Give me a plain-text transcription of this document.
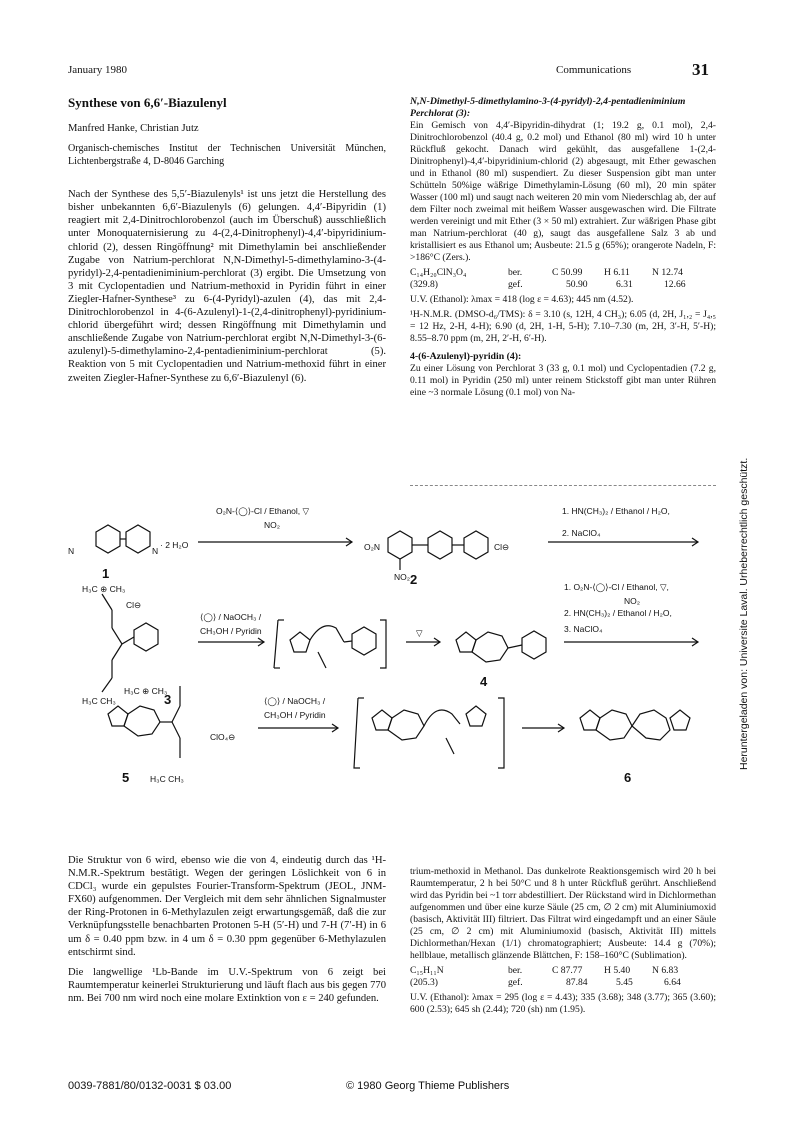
January 1980	Communications	31
Synthese von 6,6′-Biazulenyl
Manfred Hanke, Christian Jutz
Organisch-chemisches Institut der Technischen Universität München, Lichtenbergstraße 4, D-8046 Garching

Nach der Synthese des 5,5′-Biazulenyls¹ ist uns jetzt die Herstellung des bisher unbekannten 6,6′-Biazulenyls (6) gelungen. 4,4′-Bipyridin (1) reagiert mit 2,4-Dinitrochlorobenzol (auch im Überschuß) ausschließlich unter Monoquaternisierung zu 4-(2,4-Dinitrophenyl)-4,4′-bipyridinium-chlorid (2), dessen Ringöffnung² mit Dimethylamin bei anschließender Zugabe von Natrium-perchlorat N,N-Dimethyl-5-dimethylamino-3-(4-pyridyl)-2,4-pentadieniminium-perchlorat (3) ergibt. Die Umsetzung von 3 mit Cyclopentadien und Natrium-methoxid in Pyridin führt in einer Ziegler-Hafner-Synthese³ zu 6-(4-Pyridyl)-azulen (4), das mit 2,4-Dinitrochlorobenzol in 4-(6-Azulenyl)-1-(2,4-dinitrophenyl)-pyridinium-chlorid übergeführt wird; dessen Ringöffnung mit Dimethylamin und anschließende Zugabe von Natrium-perchlorat ergibt N,N-Dimethyl-3-(6-azulenyl)-5-dimethylamino-2,4-pentadieniminium-perchlorat (5). Reaktion von 5 mit Cyclopentadien und Natrium-methoxid führt in einer zweiten Ziegler-Hafner-Synthese zu 6,6′-Biazulenyl (6).

N,N-Dimethyl-5-dimethylamino-3-(4-pyridyl)-2,4-pentadieniminium Perchlorat (3):
Ein Gemisch von 4,4′-Bipyridin-dihydrat (1; 19.2 g, 0.1 mol), 2,4-Dinitrochlorobenzol (40.4 g, 0.2 mol) und Ethanol (80 ml) wird 10 h unter Rückfluß gekocht. Danach wird gekühlt, das ausgefallene 1-(2,4-Dinitrophenyl)-4,4′-bipyridinium-chlorid (2) abgesaugt, mit Ether gewaschen und in Ethanol (80 ml) suspendiert. Zu dieser Suspension gibt man unter Schütteln 50%ige wäßrige Dimethylamin-Lösung (60 ml), 20 min später Wasser (100 ml) und saugt nach weiteren 20 min vom Niederschlag ab, der auf dem Filter noch zweimal mit heißem Wasser ausgewaschen wird. Die Filtrate werden vereinigt und mit Ether (3 × 50 ml) extrahiert. Zur wäßrigen Phase gibt man Natrium-perchlorat (40 g), saugt das ausgefallene Salz 3 ab und kristallisiert es aus Ethanol um; Ausbeute: 21.5 g (65%); orangerote Nadeln, F: >186°C (Zers.).
C₁₄H₂₀ClN₃O₄	ber.	C 50.99	H 6.11	N 12.74
(329.8)	gef.	50.90	6.31	12.66
U.V. (Ethanol): λmax = 418 (log ε = 4.63); 445 nm (4.52).
¹H-N.M.R. (DMSO-d₆/TMS): δ = 3.10 (s, 12H, 4 CH₃); 6.05 (d, 2H, J₁,₂ = J₄,₅ = 12 Hz, 2-H, 4-H); 6.90 (d, 2H, 1-H, 5-H); 7.10–7.30 (m, 2H, 3′-H, 5′-H); 8.55–8.70 ppm (m, 2H, 2′-H, 6′-H).
4-(6-Azulenyl)-pyridin (4):
Zu einer Lösung von Perchlorat 3 (33 g, 0.1 mol) und Cyclopentadien (7.2 g, 0.11 mol) in Pyridin (250 ml) unter reinem Stickstoff gibt man unter Rühren eine ~3 normale Lösung (0.1 mol) von Na-
N	N
· 2 H₂O
O₂N‑⟨◯⟩‑Cl / Ethanol, ▽
NO₂
O₂N	Cl⊖
NO₂
1. HN(CH₃)₂ / Ethanol / H₂O,
2. NaClO₄
H₃C ⊕ CH₃
Cl⊖
H₃C CH₃
⟨◯⟩ / NaOCH₃ /
CH₃OH / Pyridin	▽
1. O₂N‑⟨◯⟩‑Cl / Ethanol, ▽,
NO₂
2. HN(CH₃)₂ / Ethanol / H₂O,
3. NaClO₄
H₃C ⊕ CH₃
ClO₄⊖
H₃C CH₃
⟨◯⟩ / NaOCH₃ /
CH₃OH / Pyridin
1	2
3
4
5	6

Die Struktur von 6 wird, ebenso wie die von 4, eindeutig durch das ¹H-N.M.R.-Spektrum bestätigt. Wegen der geringen Löslichkeit von 6 in CDCl₃ wurde ein gepulstes Fourier-Transform-Spektrum (JEOL, JNM-FX60) aufgenommen. Der Vergleich mit dem sehr ähnlichen Signalmuster der Ring-Protonen in 6-Methylazulen zeigt erwartungsgemäß, daß die zur Verknüpfungsstelle benachbarten Protonen 5-H (5′-H) und 7-H (7′-H) in 6 um δ = 0.40 ppm bzw. in 4 um δ = 0.30 ppm gegenüber 6-Methylazulen entschirmt sind.

Die langwellige ¹Lb-Bande im U.V.-Spektrum von 6 zeigt bei Raumtemperatur keinerlei Strukturierung und läuft flach aus bis gegen 770 nm. Bei 700 nm wird noch eine molare Extinktion von ε = 240 gefunden.

trium-methoxid in Methanol. Das dunkelrote Reaktionsgemisch wird 20 h bei Raumtemperatur, 2 h bei 50°C und 8 h unter Rückfluß gerührt. Anschließend wird das Pyridin bei ~1 torr abdestilliert. Der Rückstand wird in Dichlormethan aufgenommen und über eine kurze Säule (25 cm, ∅ 2 cm) mit Aluminiumoxid (basisch, Aktivität III) filtriert. Das Filtrat wird eingedampft und an einer Säule (25 cm, ∅ 2 cm) mit Aluminiumoxid (basisch, Aktivität III) mittels Dichlormethan/Hexan (1/1) chromatographiert; Ausbeute: 14.4 g (70%); hellblaue, metallisch glänzende Blättchen, F: 158–160°C (Sublimation).

C₁₅H₁₁N	ber.	C 87.77	H 5.40	N 6.83
(205.3)	gef.	87.84	5.45	6.64

U.V. (Ethanol): λmax = 295 (log ε = 4.43); 335 (3.68); 348 (3.77); 365 (3.60); 600 (2.53); 645 sh (2.44); 720 (sh) nm (1.95).

Heruntergeladen von: Universite Laval. Urheberrechtlich geschützt.
0039-7881/80/0132-0031 $ 03.00	© 1980 Georg Thieme Publishers
